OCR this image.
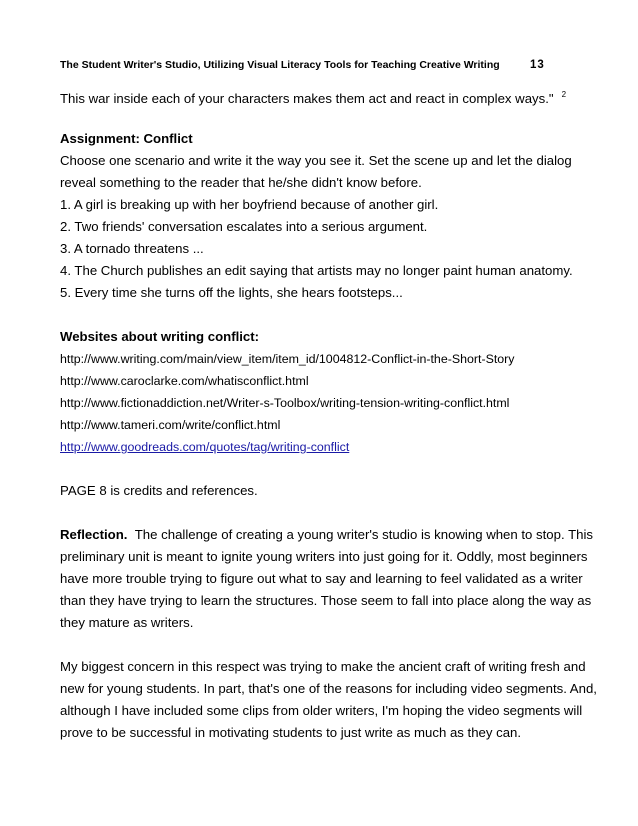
The Student Writer's Studio, Utilizing Visual Literacy Tools for Teaching Creative Writing	13
This war inside each of your characters makes them act and react in complex ways." $^2$
Assignment: Conflict
Choose one scenario and write it the way you see it. Set the scene up and let the dialog
reveal something to the reader that he/she didn't know before.
1. A girl is breaking up with her boyfriend because of another girl.
2. Two friends' conversation escalates into a serious argument.
3. A tornado threatens ...
4. The Church publishes an edit saying that artists may no longer paint human anatomy.
5. Every time she turns off the lights, she hears footsteps...
Websites about writing conflict:
http://www.writing.com/main/view_item/item_id/1004812-Conflict-in-the-Short-Story
http://www.caroclarke.com/whatisconflict.html
http://www.fictionaddiction.net/Writer-s-Toolbox/writing-tension-writing-conflict.html
http://www.tameri.com/write/conflict.html
http://www.goodreads.com/quotes/tag/writing-conflict
PAGE 8 is credits and references.
Reflection. The challenge of creating a young writer's studio is knowing when to stop. This
preliminary unit is meant to ignite young writers into just going for it. Oddly, most beginners
have more trouble trying to figure out what to say and learning to feel validated as a writer
than they have trying to learn the structures. Those seem to fall into place along the way as
they mature as writers.
My biggest concern in this respect was trying to make the ancient craft of writing fresh and
new for young students. In part, that's one of the reasons for including video segments. And,
although I have included some clips from older writers, I'm hoping the video segments will
prove to be successful in motivating students to just write as much as they can.
